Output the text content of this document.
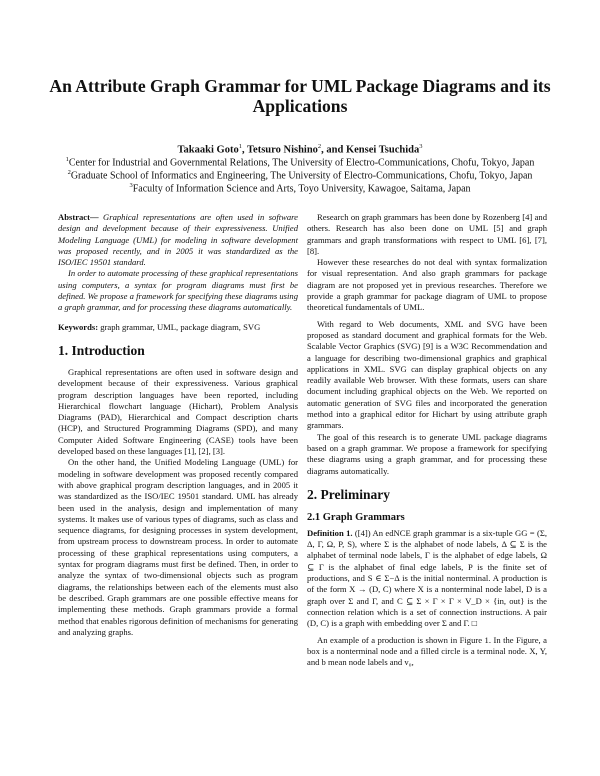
An Attribute Graph Grammar for UML Package Diagrams and its
Applications
Takaaki Goto$^1$, Tetsuro Nishino$^2$, and Kensei Tsuchida$^3$
$^1$Center for Industrial and Governmental Relations, The University of Electro-Communications, Chofu, Tokyo, Japan
$^2$Graduate School of Informatics and Engineering, The University of Electro-Communications, Chofu, Tokyo, Japan
$^3$Faculty of Information Science and Arts, Toyo University, Kawagoe, Saitama, Japan

Abstract— Graphical representations are often used in software design and development because of their expressiveness. Unified Modeling Language (UML) for modeling in software development was proposed recently, and in 2005 it was standardized as the ISO/IEC 19501 standard.

In order to automate processing of these graphical representations using computers, a syntax for program diagrams must first be defined. We propose a framework for specifying these diagrams using a graph grammar, and for processing these diagrams automatically.

Keywords: graph grammar, UML, package diagram, SVG

1. Introduction

Graphical representations are often used in software design and development because of their expressiveness. Various graphical program description languages have been reported, including Hierarchical flowchart language (Hichart), Problem Analysis Diagrams (PAD), Hierarchical and Compact description charts (HCP), and Structured Programming Diagrams (SPD), and many Computer Aided Software Engineering (CASE) tools have been developed based on these languages [1], [2], [3].

On the other hand, the Unified Modeling Language (UML) for modeling in software development was proposed recently compared with above graphical program description languages, and in 2005 it was standardized as the ISO/IEC 19501 standard. UML has already been used in the analysis, design and implementation of many systems. It makes use of various types of diagrams, such as class and sequence diagrams, for designing processes in system development, from upstream process to downstream process. In order to automate processing of these graphical representations using computers, a syntax for program diagrams must first be defined. Then, in order to analyze the syntax of two-dimensional objects such as program diagrams, the relationships between each of the elements must also be described. Graph grammars are one possible effective means for implementing these methods. Graph grammars provide a formal method that enables rigorous definition of mechanisms for generating and analyzing graphs.

Research on graph grammars has been done by Rozenberg [4] and others. Research has also been done on UML [5] and graph grammars and graph transformations with respect to UML [6], [7], [8].

However these researches do not deal with syntax formalization for visual representation. And also graph grammars for package diagram are not proposed yet in previous researches. Therefore we provide a graph grammar for package diagram of UML to propose theoretical fundamentals of UML.

With regard to Web documents, XML and SVG have been proposed as standard document and graphical formats for the Web. Scalable Vector Graphics (SVG) [9] is a W3C Recommendation and a language for describing two-dimensional graphics and graphical applications in XML. SVG can display graphical objects on any readily available Web browser. With these formats, users can share document including graphical objects on the Web. We reported on automatic generation of SVG files and incorporated the generation method into a graphical editor for Hichart by using attribute graph grammars.

The goal of this research is to generate UML package diagrams based on a graph grammar. We propose a framework for specifying these diagrams using a graph grammar, and for processing these diagrams automatically.

2. Preliminary
2.1 Graph Grammars

Definition 1. ([4]) An edNCE graph grammar is a six-tuple GG = (Σ, Δ, Γ, Ω, P, S), where Σ is the alphabet of node labels, Δ ⊆ Σ is the alphabet of terminal node labels, Γ is the alphabet of edge labels, Ω ⊆ Γ is the alphabet of final edge labels, P is the finite set of productions, and S ∈ Σ−Δ is the initial nonterminal. A production is of the form X → (D, C) where X is a nonterminal node label, D is a graph over Σ and Γ, and C ⊆ Σ × Γ × Γ × V_D × {in, out} is the connection relation which is a set of connection instructions. A pair (D, C) is a graph with embedding over Σ and Γ. □

An example of a production is shown in Figure 1. In the Figure, a box is a nonterminal node and a filled circle is a terminal node. X, Y, and b mean node labels and v₀,
